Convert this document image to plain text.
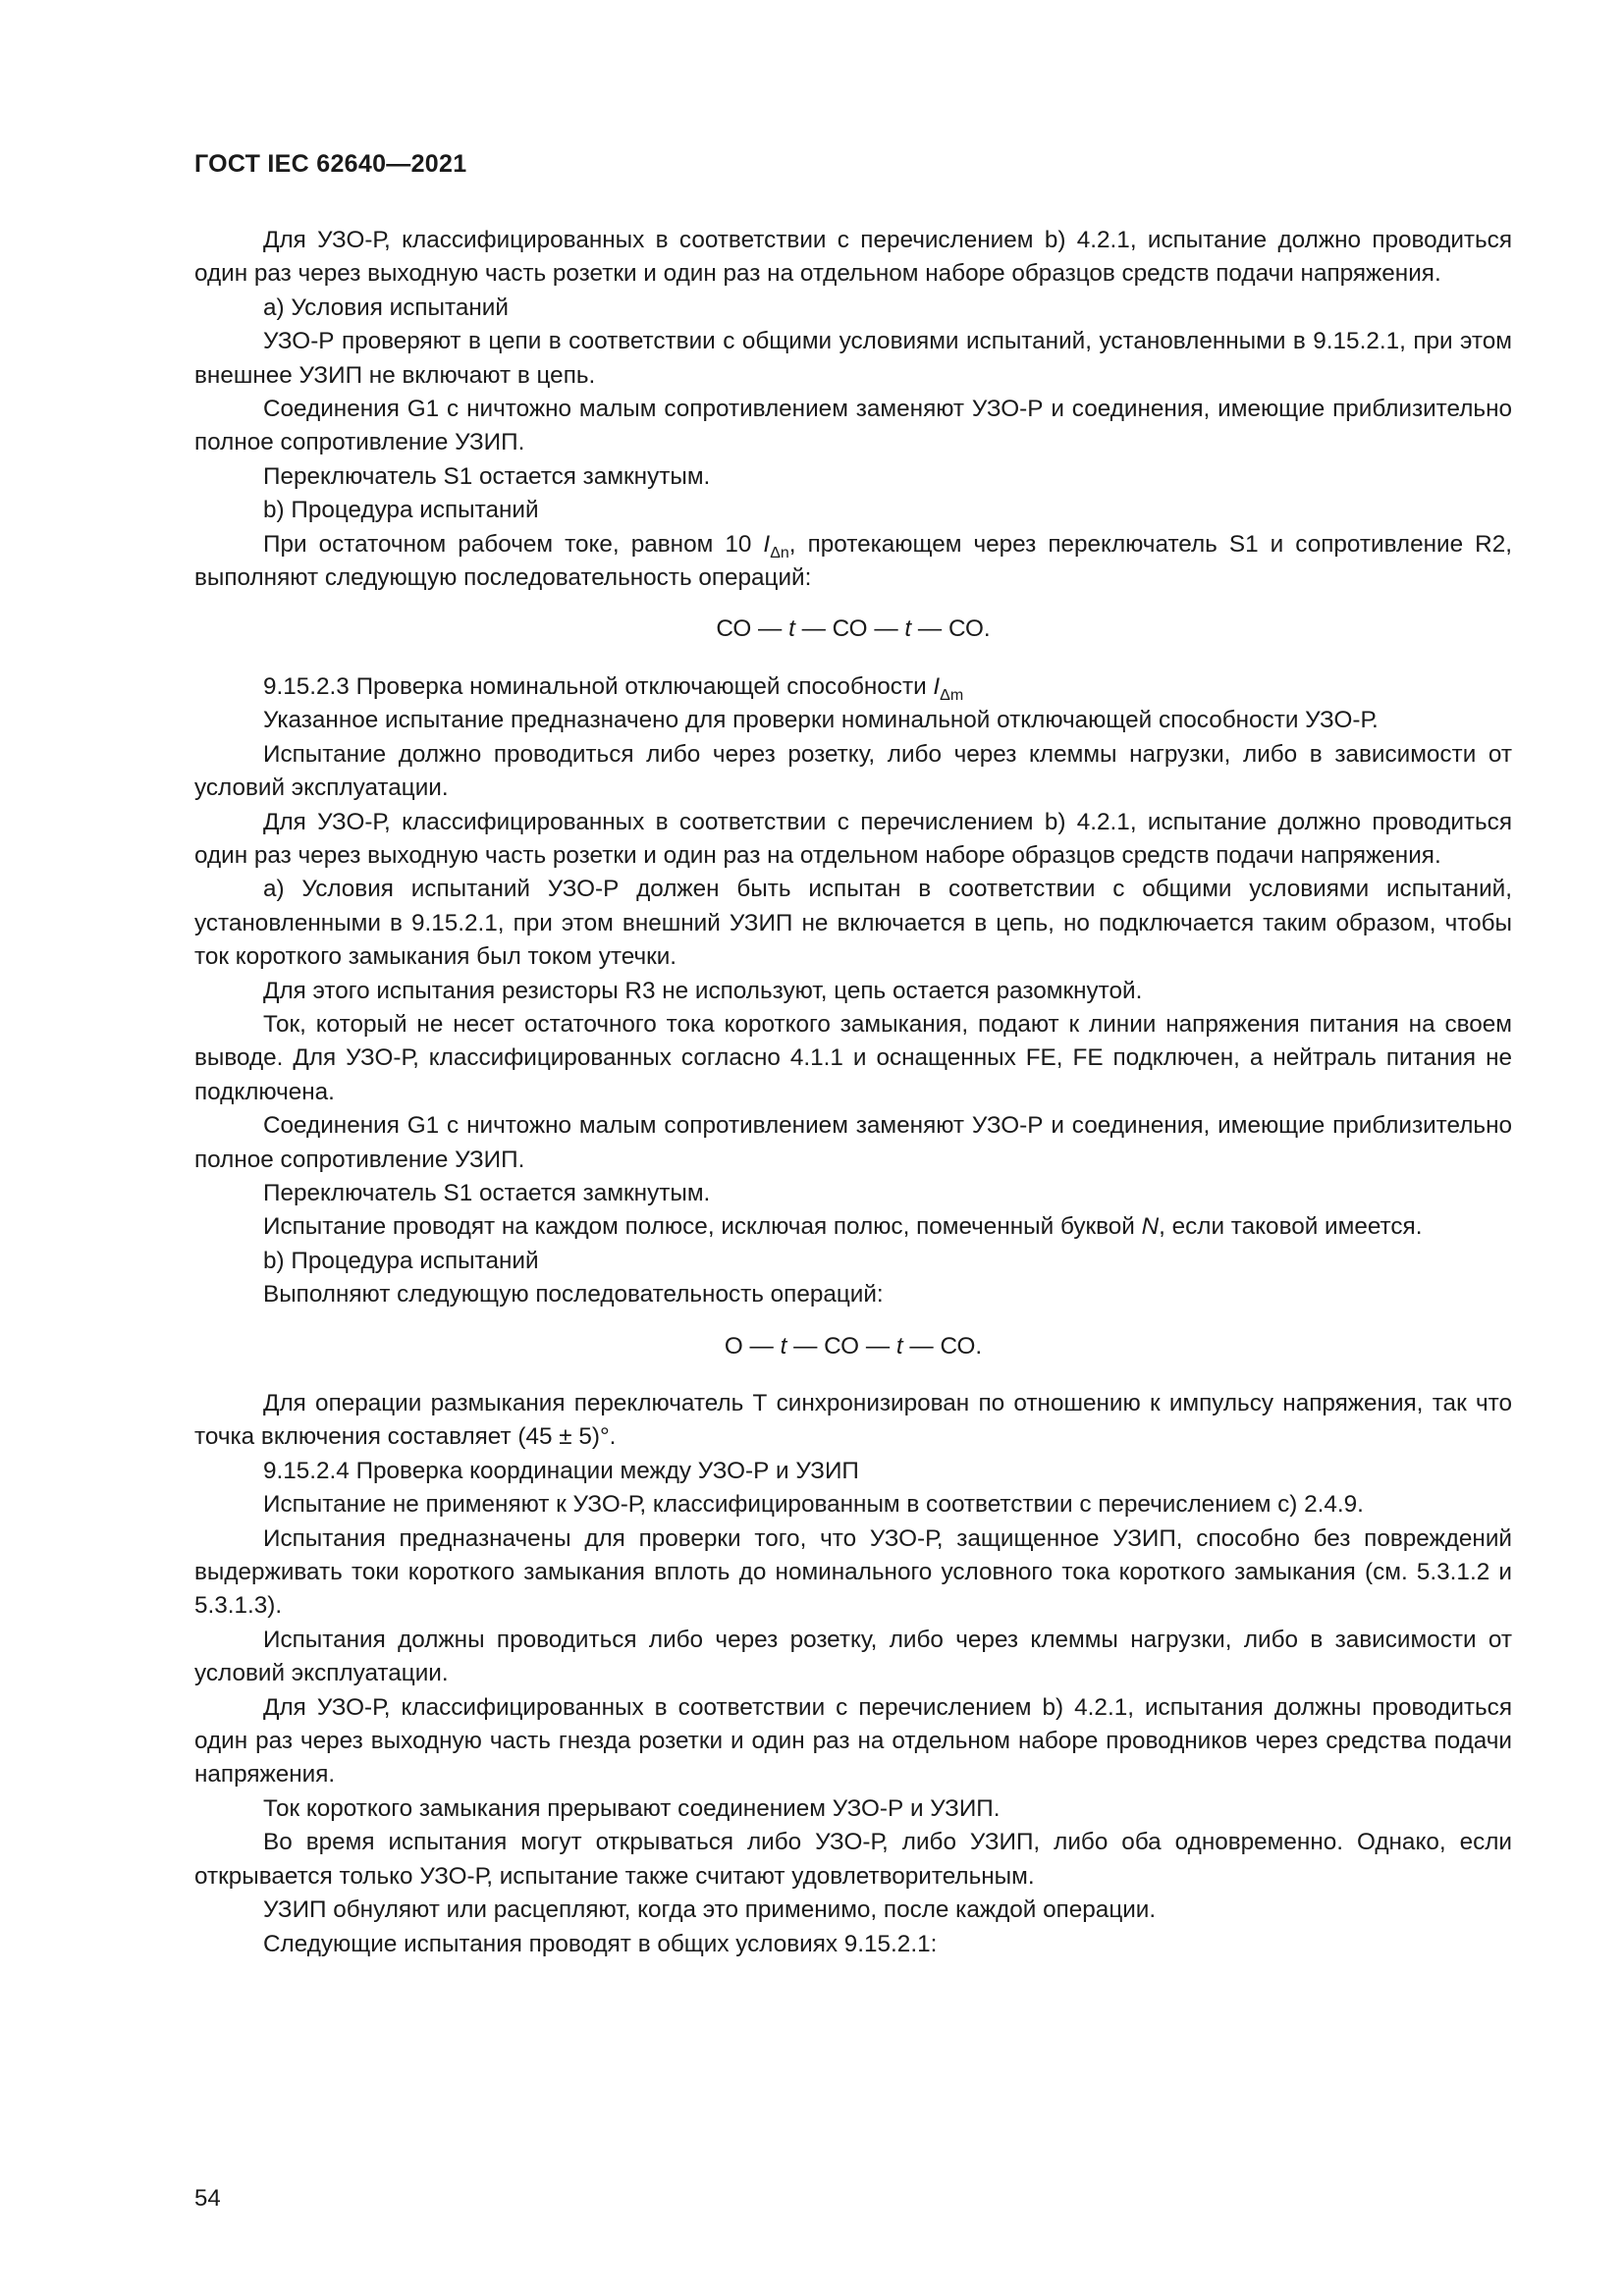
ГОСТ IEC 62640—2021

Для УЗО-Р, классифицированных в соответствии с перечислением b) 4.2.1, испытание должно проводиться один раз через выходную часть розетки и один раз на отдельном наборе образцов средств подачи напряжения.

a) Условия испытаний

УЗО-Р проверяют в цепи в соответствии с общими условиями испытаний, установленными в 9.15.2.1, при этом внешнее УЗИП не включают в цепь.

Соединения G1 с ничтожно малым сопротивлением заменяют УЗО-Р и соединения, имеющие приблизительно полное сопротивление УЗИП.

Переключатель S1 остается замкнутым.

b) Процедура испытаний

При остаточном рабочем токе, равном 10 $I_{\Delta n}$, протекающем через переключатель S1 и сопротивление R2, выполняют следующую последовательность операций:

СО — t — СО — t — СО.

9.15.2.3 Проверка номинальной отключающей способности $I_{\Delta m}$

Указанное испытание предназначено для проверки номинальной отключающей способности УЗО-Р.

Испытание должно проводиться либо через розетку, либо через клеммы нагрузки, либо в зависимости от условий эксплуатации.

Для УЗО-Р, классифицированных в соответствии с перечислением b) 4.2.1, испытание должно проводиться один раз через выходную часть розетки и один раз на отдельном наборе образцов средств подачи напряжения.

a) Условия испытаний УЗО-Р должен быть испытан в соответствии с общими условиями испытаний, установленными в 9.15.2.1, при этом внешний УЗИП не включается в цепь, но подключается таким образом, чтобы ток короткого замыкания был током утечки.

Для этого испытания резисторы R3 не используют, цепь остается разомкнутой.

Ток, который не несет остаточного тока короткого замыкания, подают к линии напряжения питания на своем выводе. Для УЗО-Р, классифицированных согласно 4.1.1 и оснащенных FE, FE подключен, а нейтраль питания не подключена.

Соединения G1 с ничтожно малым сопротивлением заменяют УЗО-Р и соединения, имеющие приблизительно полное сопротивление УЗИП.

Переключатель S1 остается замкнутым.

Испытание проводят на каждом полюсе, исключая полюс, помеченный буквой N, если таковой имеется.

b) Процедура испытаний

Выполняют следующую последовательность операций:

О — t — СО — t — СО.

Для операции размыкания переключатель Т синхронизирован по отношению к импульсу напряжения, так что точка включения составляет (45 ± 5)°.

9.15.2.4 Проверка координации между УЗО-Р и УЗИП

Испытание не применяют к УЗО-Р, классифицированным в соответствии с перечислением c) 2.4.9.

Испытания предназначены для проверки того, что УЗО-Р, защищенное УЗИП, способно без повреждений выдерживать токи короткого замыкания вплоть до номинального условного тока короткого замыкания (см. 5.3.1.2 и 5.3.1.3).

Испытания должны проводиться либо через розетку, либо через клеммы нагрузки, либо в зависимости от условий эксплуатации.

Для УЗО-Р, классифицированных в соответствии с перечислением b) 4.2.1, испытания должны проводиться один раз через выходную часть гнезда розетки и один раз на отдельном наборе проводников через средства подачи напряжения.

Ток короткого замыкания прерывают соединением УЗО-Р и УЗИП.

Во время испытания могут открываться либо УЗО-Р, либо УЗИП, либо оба одновременно. Однако, если открывается только УЗО-Р, испытание также считают удовлетворительным.

УЗИП обнуляют или расцепляют, когда это применимо, после каждой операции.

Следующие испытания проводят в общих условиях 9.15.2.1:

54
